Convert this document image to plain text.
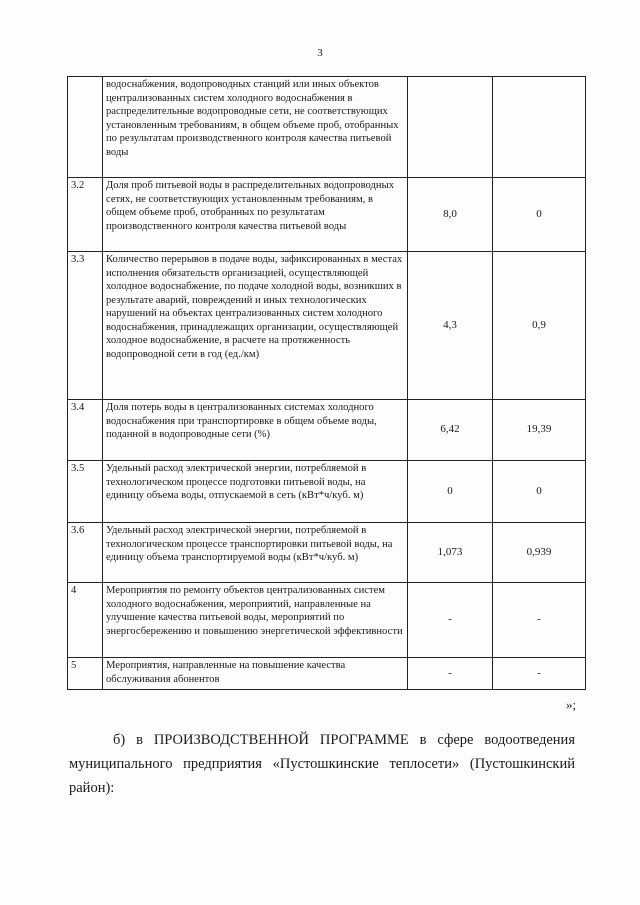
3
	водоснабжения, водопроводных станций или иных объектов централизованных систем холодного водоснабжения в распределительные водопроводные сети, не соответствующих установленным требованиям, в общем объеме проб, отобранных по результатам производственного контроля качества питьевой воды		
3.2	Доля проб питьевой воды в распределительных водопроводных сетях, не соответствующих установленным требованиям, в общем объеме проб, отобранных по результатам производственного контроля качества питьевой воды	8,0	0
3.3	Количество перерывов в подаче воды, зафиксированных в местах исполнения обязательств организацией, осуществляющей холодное водоснабжение, по подаче холодной воды, возникших в результате аварий, повреждений и иных технологических нарушений на объектах централизованных систем холодного водоснабжения, принадлежащих организации, осуществляющей холодное водоснабжение, в расчете на протяженность водопроводной сети в год (ед./км)	4,3	0,9
3.4	Доля потерь воды в централизованных системах холодного водоснабжения при транспортировке в общем объеме воды, поданной в водопроводные сети (%)	6,42	19,39
3.5	Удельный расход электрической энергии, потребляемой в технологическом процессе подготовки питьевой воды, на единицу объема воды, отпускаемой в сеть (кВт*ч/куб. м)	0	0
3.6	Удельный расход электрической энергии, потребляемой в технологическом процессе транспортировки питьевой воды, на единицу объема транспортируемой воды (кВт*ч/куб. м)	1,073	0,939
4	Мероприятия по ремонту объектов централизованных систем холодного водоснабжения, мероприятий, направленные на улучшение качества питьевой воды, мероприятий по энергосбережению и повышению энергетической эффективности	-	-
5	Мероприятия, направленные на повышение качества обслуживания абонентов	-	-
»;
б) в ПРОИЗВОДСТВЕННОЙ ПРОГРАММЕ в сфере водоотведения муниципального предприятия «Пустошкинские теплосети» (Пустошкинский район):
